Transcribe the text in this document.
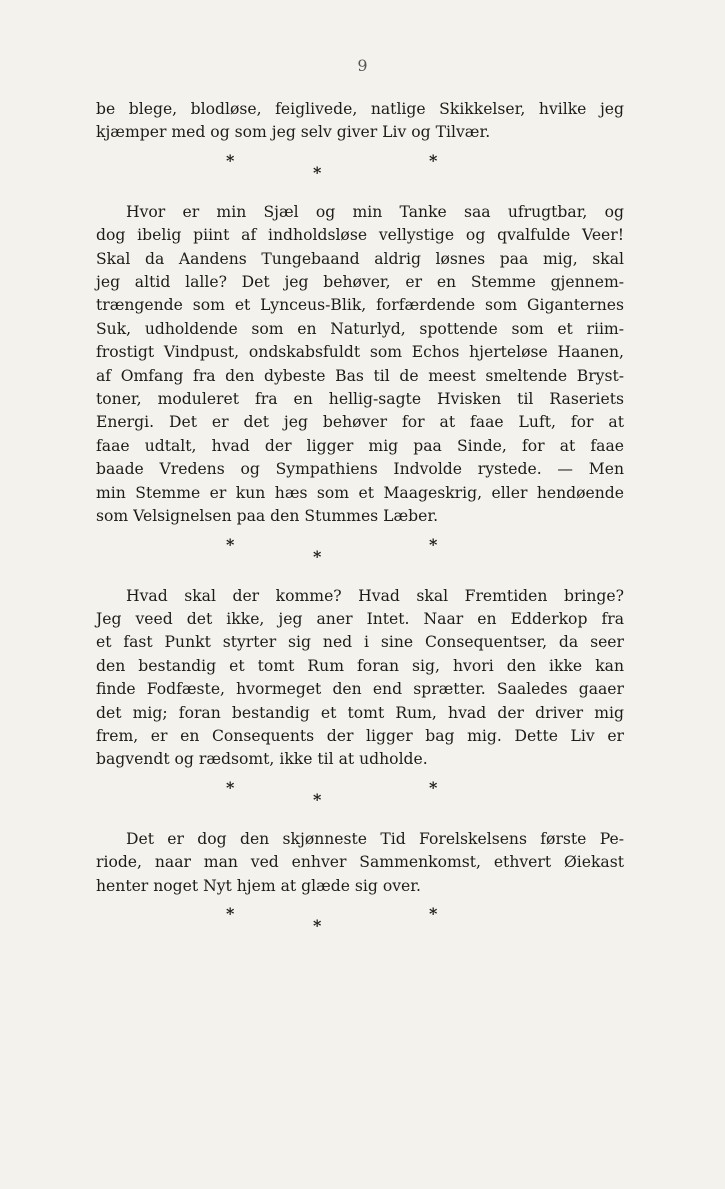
9
be blege, blodløse, feiglivede, natlige Skikkelser, hvilke jeg
kjæmper med og som jeg selv giver Liv og Tilvær.
*
*
*
Hvor er min Sjæl og min Tanke saa ufrugtbar, og
dog ibelig piint af indholdsløse vellystige og qvalfulde Veer!
Skal da Aandens Tungebaand aldrig løsnes paa mig, skal
jeg altid lalle? Det jeg behøver, er en Stemme gjennem-
trængende som et Lynceus-Blik, forfærdende som Giganternes
Suk, udholdende som en Naturlyd, spottende som et riim-
frostigt Vindpust, ondskabsfuldt som Echos hjerteløse Haanen,
af Omfang fra den dybeste Bas til de meest smeltende Bryst-
toner, moduleret fra en hellig-sagte Hvisken til Raseriets
Energi. Det er det jeg behøver for at faae Luft, for at
faae udtalt, hvad der ligger mig paa Sinde, for at faae
baade Vredens og Sympathiens Indvolde rystede. — Men
min Stemme er kun hæs som et Maageskrig, eller hendøende
som Velsignelsen paa den Stummes Læber.
*
*
*
Hvad skal der komme? Hvad skal Fremtiden bringe?
Jeg veed det ikke, jeg aner Intet. Naar en Edderkop fra
et fast Punkt styrter sig ned i sine Consequentser, da seer
den bestandig et tomt Rum foran sig, hvori den ikke kan
finde Fodfæste, hvormeget den end sprætter. Saaledes gaaer
det mig; foran bestandig et tomt Rum, hvad der driver mig
frem, er en Consequents der ligger bag mig. Dette Liv er
bagvendt og rædsomt, ikke til at udholde.
*
*
*
Det er dog den skjønneste Tid Forelskelsens første Pe-
riode, naar man ved enhver Sammenkomst, ethvert Øiekast
henter noget Nyt hjem at glæde sig over.
*
*
*
